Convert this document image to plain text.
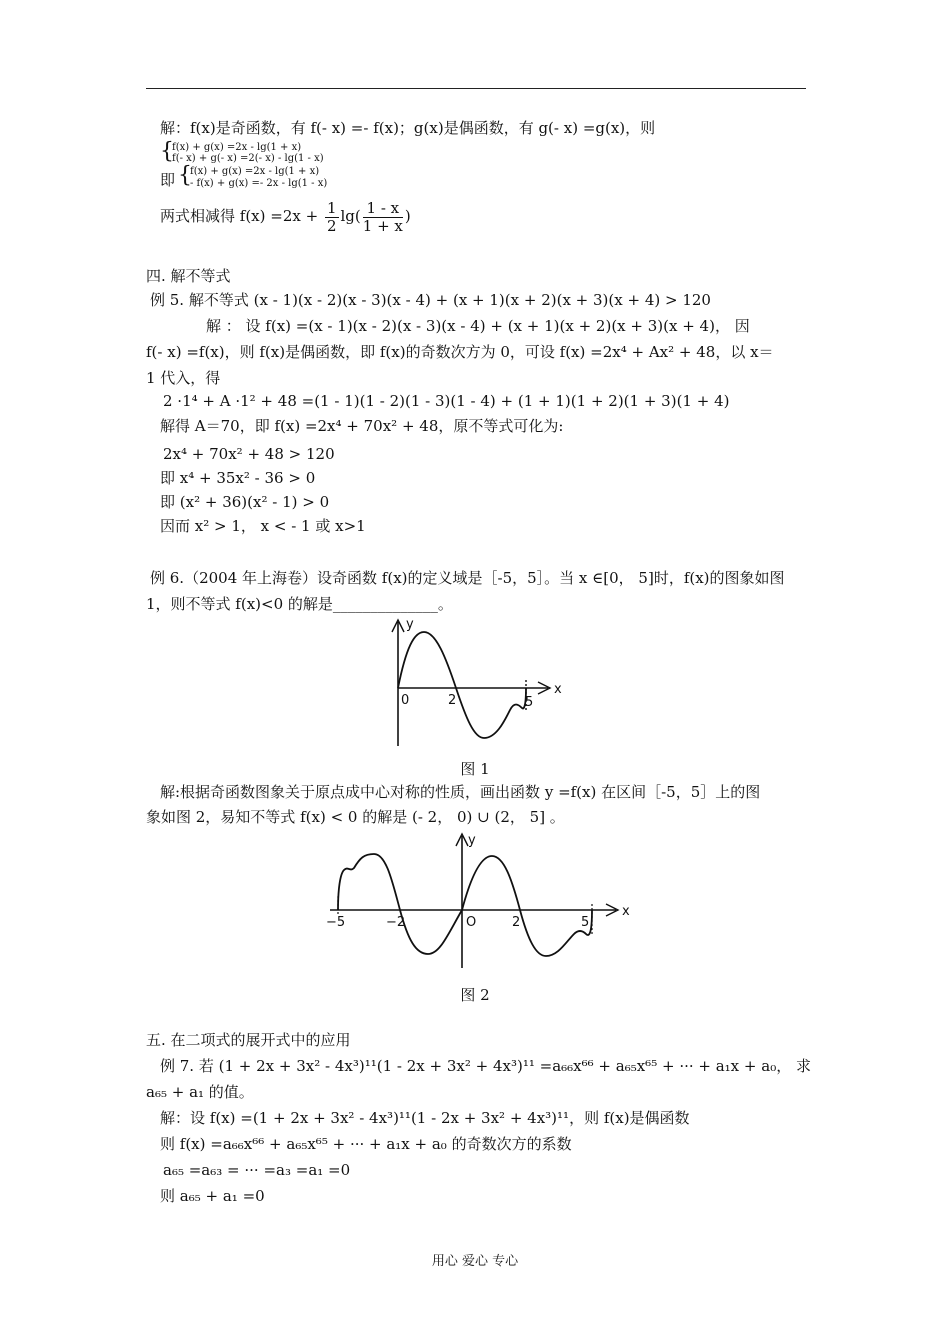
解：f(x)是奇函数，有 f(- x) =- f(x)；g(x)是偶函数，有 g(- x) =g(x)，则
{
f(x) + g(x) =2x - lg(1 + x)
f(- x) + g(- x) =2(- x) - lg(1 - x)
即 {
f(x) + g(x) =2x - lg(1 + x)
- f(x) + g(x) =- 2x - lg(1 - x)
两式相减得 $f(x) =2x + \frac{1}{2} \lg( \frac{1 - x}{1 + x}$ )
四. 解不等式
例 5. 解不等式 (x - 1)(x - 2)(x - 3)(x - 4) + (x + 1)(x + 2)(x + 3)(x + 4) > 120
解 ： 设 f(x) =(x - 1)(x - 2)(x - 3)(x - 4) + (x + 1)(x + 2)(x + 3)(x + 4)， 因
f(- x) =f(x)，则 f(x)是偶函数，即 f(x)的奇数次方为 0，可设 f(x) =2x⁴ + Ax² + 48，以 x＝
1 代入，得
2 ·1⁴ + A ·1² + 48 =(1 - 1)(1 - 2)(1 - 3)(1 - 4) + (1 + 1)(1 + 2)(1 + 3)(1 + 4)
解得 A＝70，即 f(x) =2x⁴ + 70x² + 48，原不等式可化为:
2x⁴ + 70x² + 48 > 120
即 x⁴ + 35x² - 36 > 0
即 (x² + 36)(x² - 1) > 0
因而 x² > 1， x < - 1 或 x>1
例 6.（2004 年上海卷）设奇函数 f(x)的定义域是［-5，5］。当 x ∈[0， 5]时，f(x)的图象如图
1，则不等式 f(x)<0 的解是______________。
y
x
0	2	5
图 1
解:根据奇函数图象关于原点成中心对称的性质，画出函数 y =f(x) 在区间［-5，5］上的图
象如图 2，易知不等式 f(x) < 0 的解是 (- 2， 0) ∪ (2， 5] 。
y
x
O	2	5
−2
−5
图 2
五. 在二项式的展开式中的应用
例 7. 若 (1 + 2x + 3x² - 4x³)¹¹(1 - 2x + 3x² + 4x³)¹¹ =a₆₆x⁶⁶ + a₆₅x⁶⁵ + ··· + a₁x + a₀， 求
a₆₅ + a₁ 的值。
解：设 f(x) =(1 + 2x + 3x² - 4x³)¹¹(1 - 2x + 3x² + 4x³)¹¹，则 f(x)是偶函数
则 f(x) =a₆₆x⁶⁶ + a₆₅x⁶⁵ + ··· + a₁x + a₀ 的奇数次方的系数
a₆₅ =a₆₃ = ··· =a₃ =a₁ =0
则 a₆₅ + a₁ =0
用心 爱心 专心
